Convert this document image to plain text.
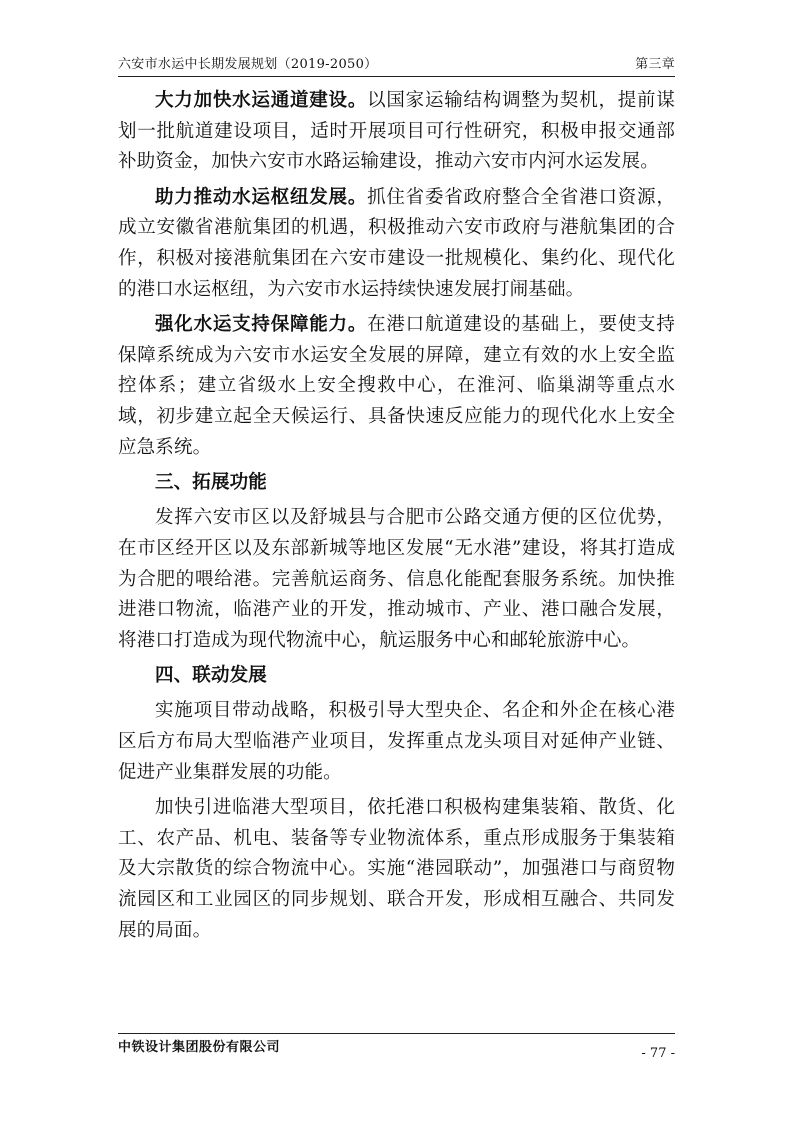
六安市水运中长期发展规划（2019-2050）	第三章

大力加快水运通道建设。以国家运输结构调整为契机，提前谋划一批航道建设项目，适时开展项目可行性研究，积极申报交通部补助资金，加快六安市水路运输建设，推动六安市内河水运发展。

助力推动水运枢纽发展。抓住省委省政府整合全省港口资源，成立安徽省港航集团的机遇，积极推动六安市政府与港航集团的合作，积极对接港航集团在六安市建设一批规模化、集约化、现代化的港口水运枢纽，为六安市水运持续快速发展打闹基础。

强化水运支持保障能力。在港口航道建设的基础上，要使支持保障系统成为六安市水运安全发展的屏障，建立有效的水上安全监控体系；建立省级水上安全搜救中心，在淮河、临巢湖等重点水域，初步建立起全天候运行、具备快速反应能力的现代化水上安全应急系统。

三、拓展功能

发挥六安市区以及舒城县与合肥市公路交通方便的区位优势，在市区经开区以及东部新城等地区发展“无水港”建设，将其打造成为合肥的喂给港。完善航运商务、信息化能配套服务系统。加快推进港口物流，临港产业的开发，推动城市、产业、港口融合发展，将港口打造成为现代物流中心，航运服务中心和邮轮旅游中心。

四、联动发展

实施项目带动战略，积极引导大型央企、名企和外企在核心港区后方布局大型临港产业项目，发挥重点龙头项目对延伸产业链、促进产业集群发展的功能。

加快引进临港大型项目，依托港口积极构建集装箱、散货、化工、农产品、机电、装备等专业物流体系，重点形成服务于集装箱及大宗散货的综合物流中心。实施“港园联动”，加强港口与商贸物流园区和工业园区的同步规划、联合开发，形成相互融合、共同发展的局面。

中铁设计集团股份有限公司	- 77 -
